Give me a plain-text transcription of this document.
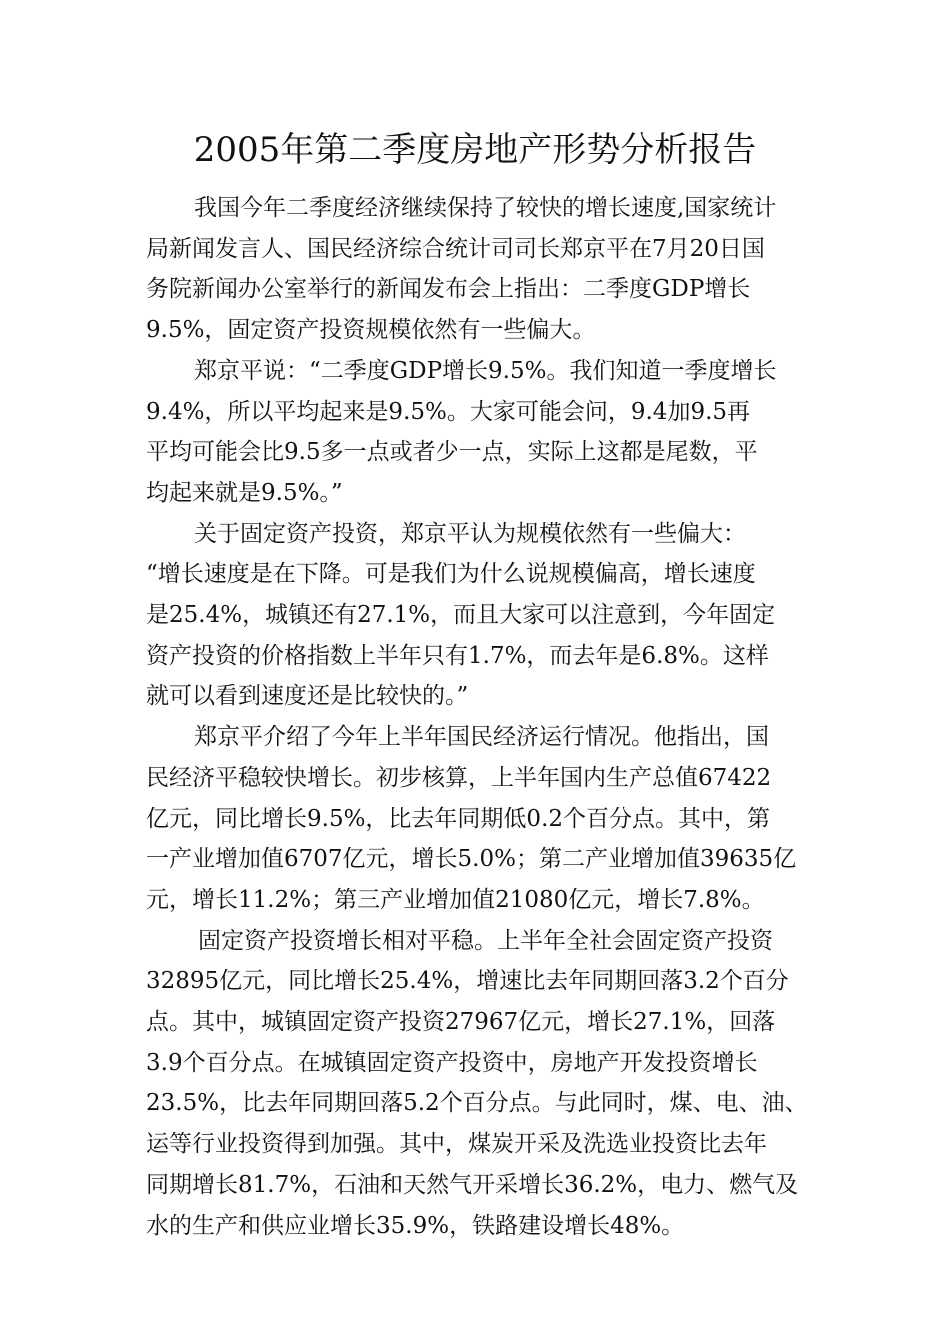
2005年第二季度房地产形势分析报告

我国今年二季度经济继续保持了较快的增长速度,国家统计
局新闻发言人、国民经济综合统计司司长郑京平在7月20日国
务院新闻办公室举行的新闻发布会上指出：二季度GDP增长
9.5%，固定资产投资规模依然有一些偏大。

郑京平说：“二季度GDP增长9.5%。我们知道一季度增长
9.4%，所以平均起来是9.5%。大家可能会问，9.4加9.5再
平均可能会比9.5多一点或者少一点，实际上这都是尾数，平
均起来就是9.5%。”

关于固定资产投资，郑京平认为规模依然有一些偏大：
“增长速度是在下降。可是我们为什么说规模偏高，增长速度
是25.4%，城镇还有27.1%，而且大家可以注意到，今年固定
资产投资的价格指数上半年只有1.7%，而去年是6.8%。这样
就可以看到速度还是比较快的。”

郑京平介绍了今年上半年国民经济运行情况。他指出，国
民经济平稳较快增长。初步核算，上半年国内生产总值67422
亿元，同比增长9.5%，比去年同期低0.2个百分点。其中，第
一产业增加值6707亿元，增长5.0%；第二产业增加值39635亿
元，增长11.2%；第三产业增加值21080亿元，增长7.8%。

固定资产投资增长相对平稳。上半年全社会固定资产投资
32895亿元，同比增长25.4%，增速比去年同期回落3.2个百分
点。其中，城镇固定资产投资27967亿元，增长27.1%，回落
3.9个百分点。在城镇固定资产投资中，房地产开发投资增长
23.5%，比去年同期回落5.2个百分点。与此同时，煤、电、油、
运等行业投资得到加强。其中，煤炭开采及洗选业投资比去年
同期增长81.7%，石油和天然气开采增长36.2%，电力、燃气及
水的生产和供应业增长35.9%，铁路建设增长48%。
